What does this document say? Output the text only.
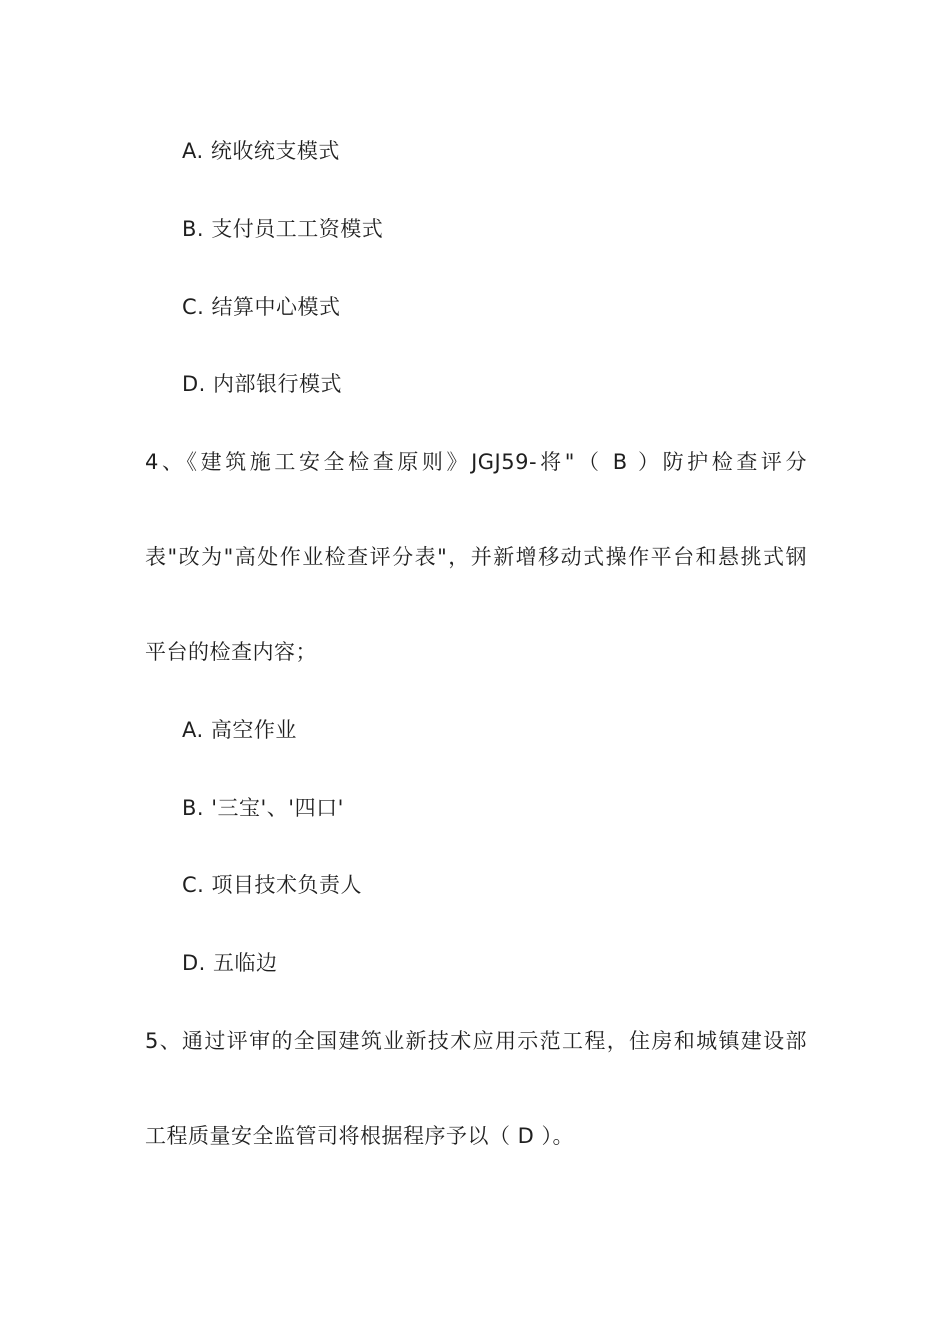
A. 统收统支模式
B. 支付员工工资模式
C. 结算中心模式
D. 内部银行模式
4、《建筑施工安全检查原则》JGJ59-将"（ B ）防护检查评分
表"改为"高处作业检查评分表"，并新增移动式操作平台和悬挑式钢
平台的检查内容；
A. 高空作业
B. '三宝'、'四口'
C. 项目技术负责人
D. 五临边
5、通过评审的全国建筑业新技术应用示范工程，住房和城镇建设部
工程质量安全监管司将根据程序予以（ D ）。
